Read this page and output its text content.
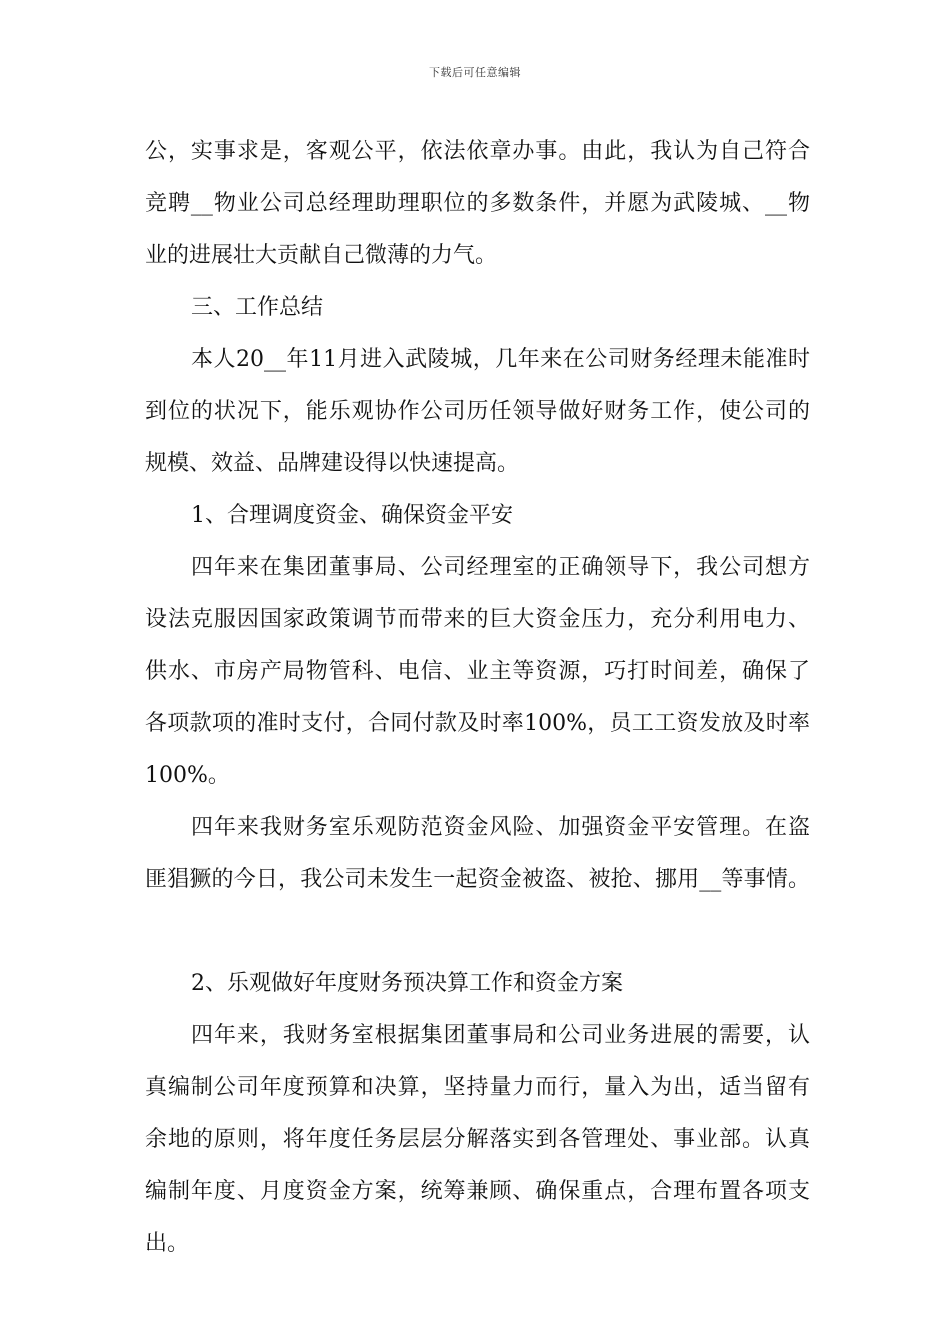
下载后可任意编辑
公，实事求是，客观公平，依法依章办事。由此，我认为自己符合
竞聘__物业公司总经理助理职位的多数条件，并愿为武陵城、__物
业的进展壮大贡献自己微薄的力气。
三、工作总结
本人20__年11月进入武陵城，几年来在公司财务经理未能准时
到位的状况下，能乐观协作公司历任领导做好财务工作，使公司的
规模、效益、品牌建设得以快速提高。
1、合理调度资金、确保资金平安
四年来在集团董事局、公司经理室的正确领导下，我公司想方
设法克服因国家政策调节而带来的巨大资金压力，充分利用电力、
供水、市房产局物管科、电信、业主等资源，巧打时间差，确保了
各项款项的准时支付，合同付款及时率100%，员工工资发放及时率
100%。
四年来我财务室乐观防范资金风险、加强资金平安管理。在盗
匪猖獗的今日，我公司未发生一起资金被盗、被抢、挪用__等事情。
2、乐观做好年度财务预决算工作和资金方案
四年来，我财务室根据集团董事局和公司业务进展的需要，认
真编制公司年度预算和决算，坚持量力而行，量入为出，适当留有
余地的原则，将年度任务层层分解落实到各管理处、事业部。认真
编制年度、月度资金方案，统筹兼顾、确保重点，合理布置各项支
出。
